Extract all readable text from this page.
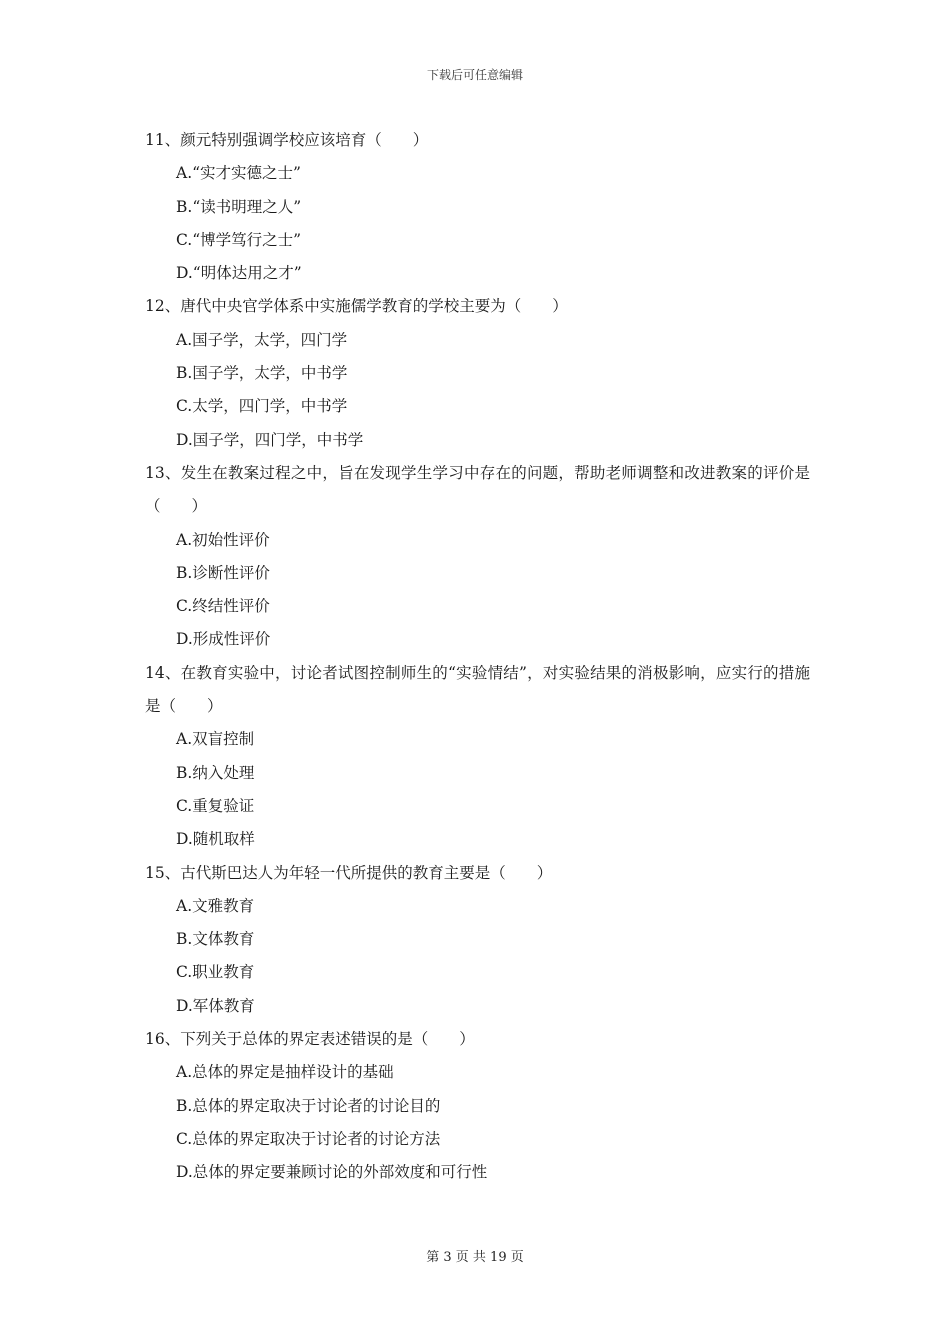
下载后可任意编辑
11、颜元特别强调学校应该培育（　　）
A.“实才实德之士”
B.“读书明理之人”
C.“博学笃行之士”
D.“明体达用之才”
12、唐代中央官学体系中实施儒学教育的学校主要为（　　）
A.国子学，太学，四门学
B.国子学，太学，中书学
C.太学，四门学，中书学
D.国子学，四门学，中书学
13、发生在教案过程之中，旨在发现学生学习中存在的问题，帮助老师调整和改进教案的评价是（　　）
A.初始性评价
B.诊断性评价
C.终结性评价
D.形成性评价
14、在教育实验中，讨论者试图控制师生的“实验情结”，对实验结果的消极影响，应实行的措施是（　　）
A.双盲控制
B.纳入处理
C.重复验证
D.随机取样
15、古代斯巴达人为年轻一代所提供的教育主要是（　　）
A.文雅教育
B.文体教育
C.职业教育
D.军体教育
16、下列关于总体的界定表述错误的是（　　）
A.总体的界定是抽样设计的基础
B.总体的界定取决于讨论者的讨论目的
C.总体的界定取决于讨论者的讨论方法
D.总体的界定要兼顾讨论的外部效度和可行性
第 3 页 共 19 页
